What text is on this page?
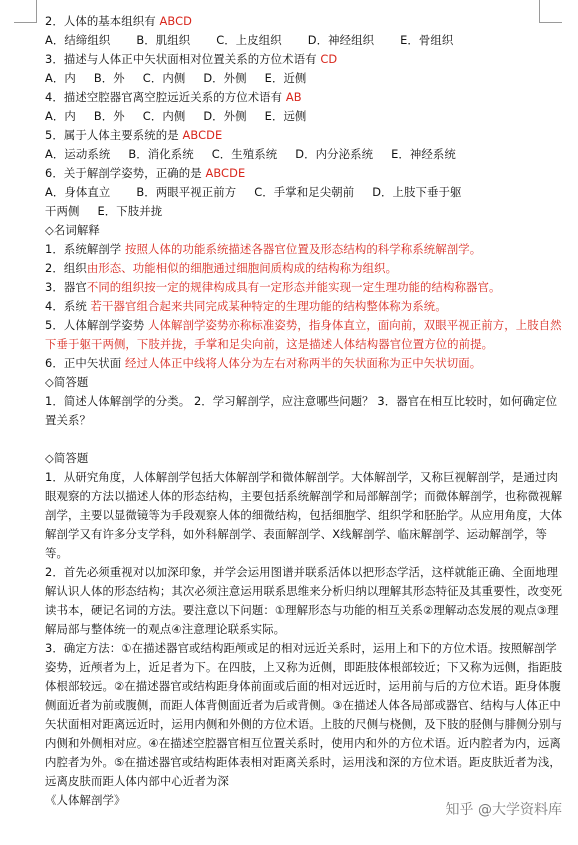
2．人体的基本组织有 ABCD
A．结缔组织 B．肌组织 C．上皮组织 D．神经组织 E．骨组织
3．描述与人体正中矢状面相对位置关系的方位术语有 CD
A．内 B．外 C．内侧 D．外侧 E．近侧
4．描述空腔器官离空腔远近关系的方位术语有 AB
A．内 B．外 C．内侧 D．外侧 E．远侧
5．属于人体主要系统的是 ABCDE
A．运动系统 B．消化系统 C．生殖系统 D．内分泌系统 E．神经系统
6．关于解剖学姿势，正确的是 ABCDE
A．身体直立 B．两眼平视正前方 C．手掌和足尖朝前 D．上肢下垂于躯
干两侧 E．下肢并拢
◇名词解释
1．系统解剖学 按照人体的功能系统描述各器官位置及形态结构的科学称系统解剖学。
2．组织由形态、功能相似的细胞通过细胞间质构成的结构称为组织。
3．器官不同的组织按一定的规律构成具有一定形态并能实现一定生理功能的结构称器官。
4．系统 若干器官组合起来共同完成某种特定的生理功能的结构整体称为系统。
5．人体解剖学姿势 人体解剖学姿势亦称标准姿势，指身体直立，面向前，双眼平视正前方，上肢自然下垂于躯干两侧，下肢并拢，手掌和足尖向前，这是描述人体结构器官位置方位的前提。
6．正中矢状面 经过人体正中线将人体分为左右对称两半的矢状面称为正中矢状切面。
◇简答题
1．简述人体解剖学的分类。 2．学习解剖学，应注意哪些问题？ 3．器官在相互比较时，如何确定位置关系？
◇简答题
1．从研究角度，人体解剖学包括大体解剖学和微体解剖学。大体解剖学，又称巨视解剖学，是通过肉眼观察的方法以描述人体的形态结构，主要包括系统解剖学和局部解剖学；而微体解剖学，也称微视解剖学，主要以显微镜等为手段观察人体的细微结构，包括细胞学、组织学和胚胎学。从应用角度，大体解剖学又有许多分支学科，如外科解剖学、表面解剖学、X线解剖学、临床解剖学、运动解剖学，等等。
2．首先必须重视对以加深印象，并学会运用图谱并联系活体以把形态学活，这样就能正确、全面地理解认识人体的形态结构；其次必须注意运用联系思维来分析归纳以理解其形态特征及其重要性，改变死读书本，硬记名词的方法。要注意以下问题：①理解形态与功能的相互关系②理解动态发展的观点③理解局部与整体统一的观点④注意理论联系实际。
3．确定方法：①在描述器官或结构距颅或足的相对远近关系时，运用上和下的方位术语。按照解剖学姿势，近颅者为上，近足者为下。在四肢，上又称为近侧，即距肢体根部较近；下又称为远侧，指距肢体根部较远。②在描述器官或结构距身体前面或后面的相对远近时，运用前与后的方位术语。距身体腹侧面近者为前或腹侧，而距人体背侧面近者为后或背侧。③在描述人体各局部或器官、结构与人体正中矢状面相对距离远近时，运用内侧和外侧的方位术语。上肢的尺侧与桡侧，及下肢的胫侧与腓侧分别与内侧和外侧相对应。④在描述空腔器官相互位置关系时，使用内和外的方位术语。近内腔者为内，远离内腔者为外。⑤在描述器官或结构距体表相对距离关系时，运用浅和深的方位术语。距皮肤近者为浅，远离皮肤而距人体内部中心近者为深
《人体解剖学》
知乎 @大学资料库
